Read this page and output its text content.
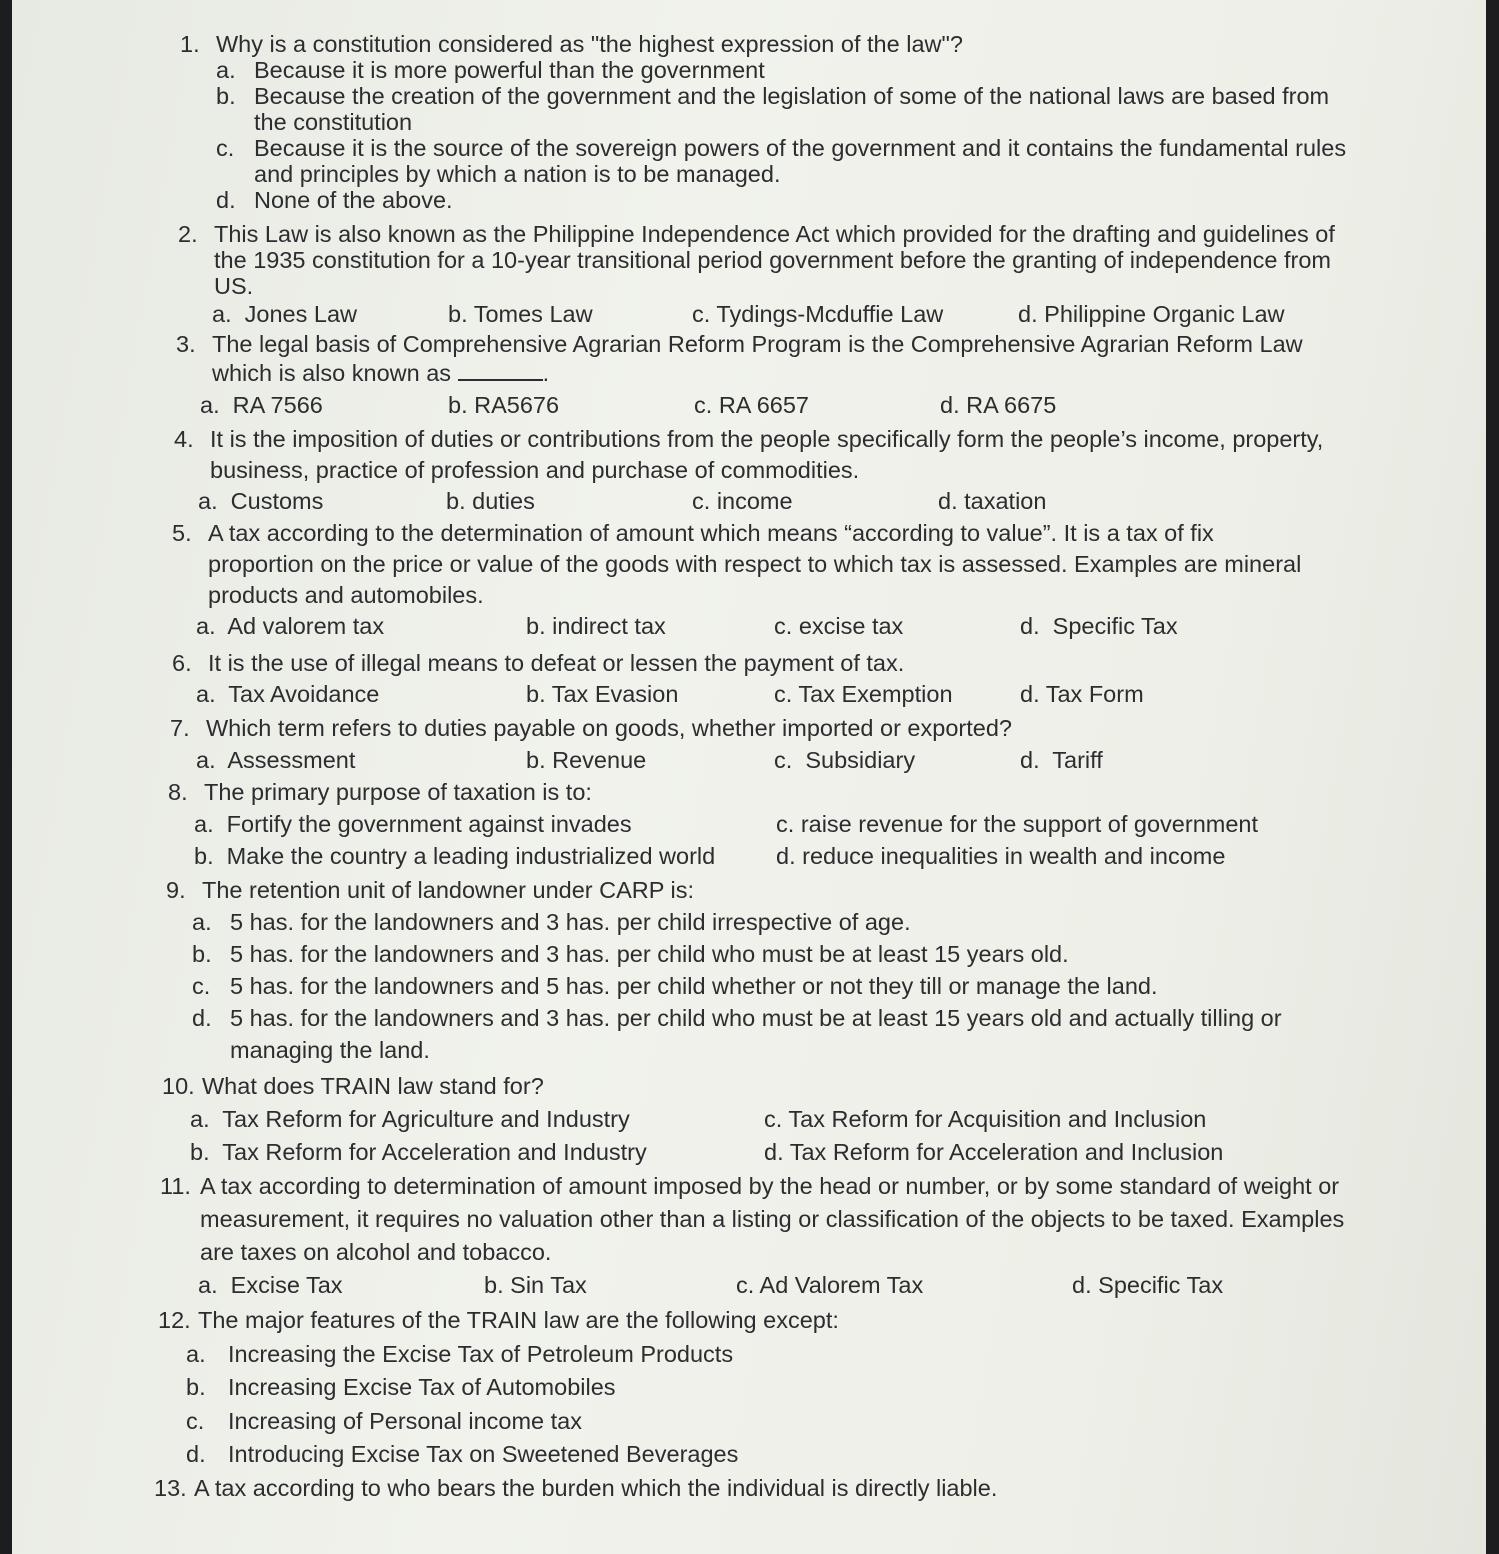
1. Why is a constitution considered as "the highest expression of the law"?
a. Because it is more powerful than the government
b. Because the creation of the government and the legislation of some of the national laws are based from the constitution
c. Because it is the source of the sovereign powers of the government and it contains the fundamental rules and principles by which a nation is to be managed.
d. None of the above.
2. This Law is also known as the Philippine Independence Act which provided for the drafting and guidelines of the 1935 constitution for a 10-year transitional period government before the granting of independence from US.
a. Jones Law	b. Tomes Law	c. Tydings-Mcduffie Law	d. Philippine Organic Law
3. The legal basis of Comprehensive Agrarian Reform Program is the Comprehensive Agrarian Reform Law which is also known as	.
a. RA 7566	b. RA5676	c. RA 6657	d. RA 6675
4. It is the imposition of duties or contributions from the people specifically form the people’s income, property, business, practice of profession and purchase of commodities.
a. Customs	b. duties	c. income	d. taxation
5. A tax according to the determination of amount which means “according to value”. It is a tax of fix proportion on the price or value of the goods with respect to which tax is assessed. Examples are mineral products and automobiles.
a. Ad valorem tax	b. indirect tax	c. excise tax	d. Specific Tax
6. It is the use of illegal means to defeat or lessen the payment of tax.
a. Tax Avoidance	b. Tax Evasion	c. Tax Exemption	d. Tax Form
7. Which term refers to duties payable on goods, whether imported or exported?
a. Assessment	b. Revenue	c. Subsidiary	d. Tariff
8. The primary purpose of taxation is to:
a. Fortify the government against invades	c. raise revenue for the support of government
b. Make the country a leading industrialized world	d. reduce inequalities in wealth and income
9. The retention unit of landowner under CARP is:
a. 5 has. for the landowners and 3 has. per child irrespective of age.
b. 5 has. for the landowners and 3 has. per child who must be at least 15 years old.
c. 5 has. for the landowners and 5 has. per child whether or not they till or manage the land.
d. 5 has. for the landowners and 3 has. per child who must be at least 15 years old and actually tilling or managing the land.
10. What does TRAIN law stand for?
a. Tax Reform for Agriculture and Industry	c. Tax Reform for Acquisition and Inclusion
b. Tax Reform for Acceleration and Industry	d. Tax Reform for Acceleration and Inclusion
11. A tax according to determination of amount imposed by the head or number, or by some standard of weight or measurement, it requires no valuation other than a listing or classification of the objects to be taxed. Examples are taxes on alcohol and tobacco.
a. Excise Tax	b. Sin Tax	c. Ad Valorem Tax	d. Specific Tax
12. The major features of the TRAIN law are the following except:
a. Increasing the Excise Tax of Petroleum Products
b. Increasing Excise Tax of Automobiles
c.	Increasing of Personal income tax
d. Introducing Excise Tax on Sweetened Beverages
13. A tax according to who bears the burden which the individual is directly liable.
